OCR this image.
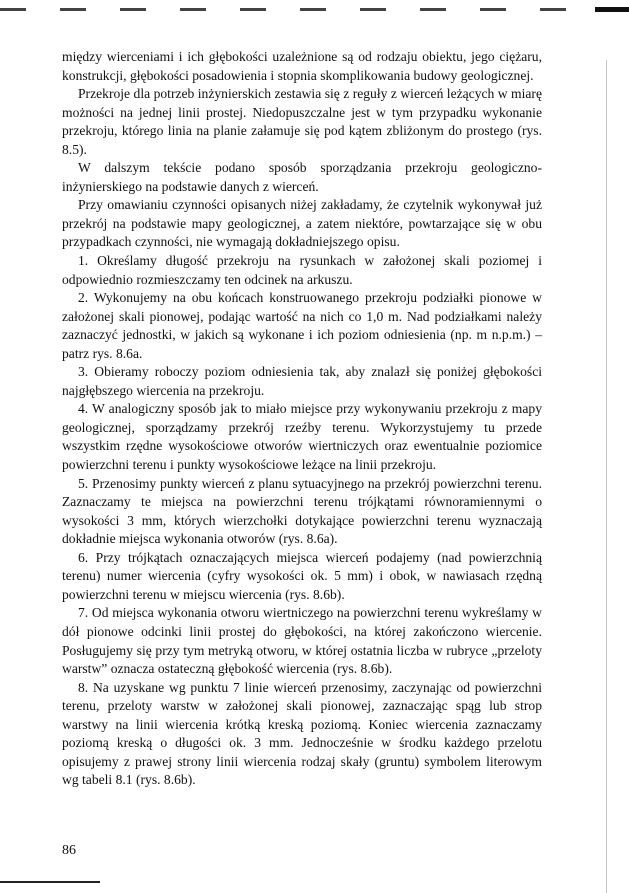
między wierceniami i ich głębokości uzależnione są od rodzaju obiektu, jego ciężaru, konstrukcji, głębokości posadowienia i stopnia skomplikowania budowy geologicznej.

Przekroje dla potrzeb inżynierskich zestawia się z reguły z wierceń leżących w miarę możności na jednej linii prostej. Niedopuszczalne jest w tym przypadku wykonanie przekroju, którego linia na planie załamuje się pod kątem zbliżonym do prostego (rys. 8.5).

W dalszym tekście podano sposób sporządzania przekroju geologiczno-inżynierskiego na podstawie danych z wierceń.

Przy omawianiu czynności opisanych niżej zakładamy, że czytelnik wykonywał już przekrój na podstawie mapy geologicznej, a zatem niektóre, powtarzające się w obu przypadkach czynności, nie wymagają dokładniejszego opisu.

1. Określamy długość przekroju na rysunkach w założonej skali poziomej i odpowiednio rozmieszczamy ten odcinek na arkuszu.

2. Wykonujemy na obu końcach konstruowanego przekroju podziałki pionowe w założonej skali pionowej, podając wartość na nich co 1,0 m. Nad podziałkami należy zaznaczyć jednostki, w jakich są wykonane i ich poziom odniesienia (np. m n.p.m.) – patrz rys. 8.6a.

3. Obieramy roboczy poziom odniesienia tak, aby znalazł się poniżej głębokości najgłębszego wiercenia na przekroju.

4. W analogiczny sposób jak to miało miejsce przy wykonywaniu przekroju z mapy geologicznej, sporządzamy przekrój rzeźby terenu. Wykorzystujemy tu przede wszystkim rzędne wysokościowe otworów wiertniczych oraz ewentualnie poziomice powierzchni terenu i punkty wysokościowe leżące na linii przekroju.

5. Przenosimy punkty wierceń z planu sytuacyjnego na przekrój powierzchni terenu. Zaznaczamy te miejsca na powierzchni terenu trójkątami równoramiennymi o wysokości 3 mm, których wierzchołki dotykające powierzchni terenu wyznaczają dokładnie miejsca wykonania otworów (rys. 8.6a).

6. Przy trójkątach oznaczających miejsca wierceń podajemy (nad powierzchnią terenu) numer wiercenia (cyfry wysokości ok. 5 mm) i obok, w nawiasach rzędną powierzchni terenu w miejscu wiercenia (rys. 8.6b).

7. Od miejsca wykonania otworu wiertniczego na powierzchni terenu wykreślamy w dół pionowe odcinki linii prostej do głębokości, na której zakończono wiercenie. Posługujemy się przy tym metryką otworu, w której ostatnia liczba w rubryce „przeloty warstw” oznacza ostateczną głębokość wiercenia (rys. 8.6b).

8. Na uzyskane wg punktu 7 linie wierceń przenosimy, zaczynając od powierzchni terenu, przeloty warstw w założonej skali pionowej, zaznaczając spąg lub strop warstwy na linii wiercenia krótką kreską poziomą. Koniec wiercenia zaznaczamy poziomą kreską o długości ok. 3 mm. Jednocześnie w środku każdego przelotu opisujemy z prawej strony linii wiercenia rodzaj skały (gruntu) symbolem literowym wg tabeli 8.1 (rys. 8.6b).

86
